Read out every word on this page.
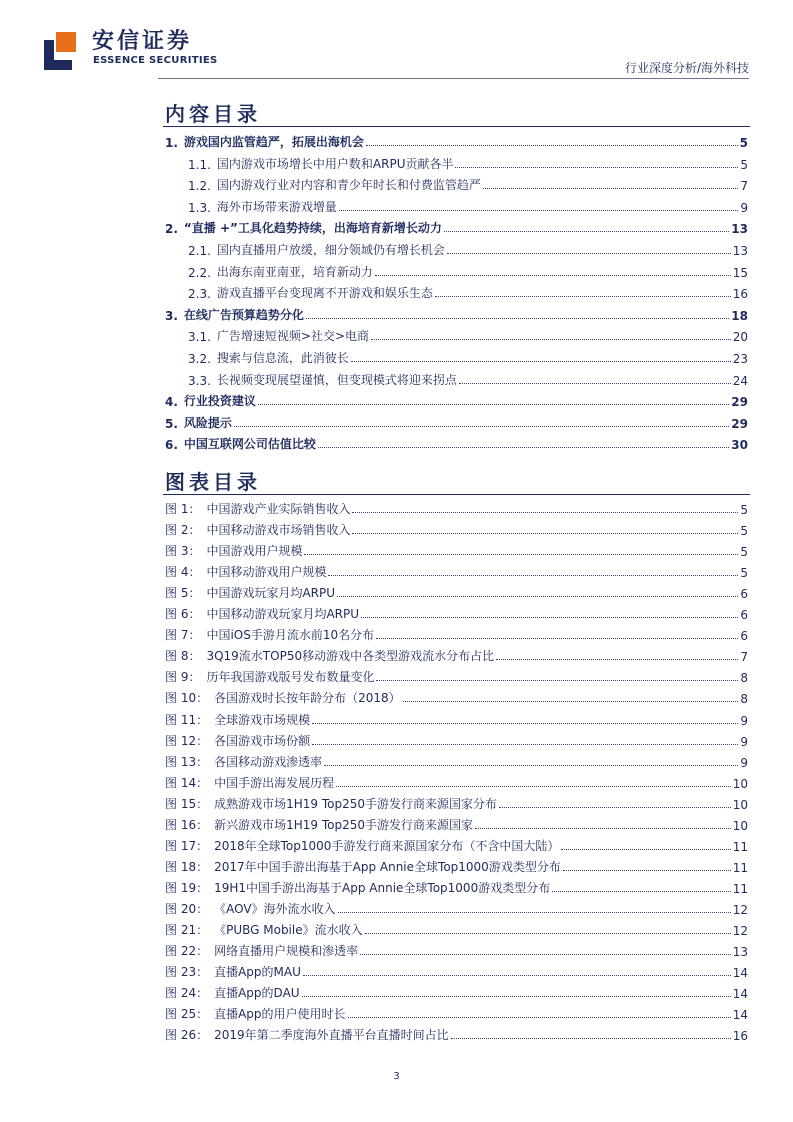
安信证券
ESSENCE SECURITIES
行业深度分析/海外科技
内容目录
1. 游戏国内监管趋严，拓展出海机会	5
1.1. 国内游戏市场增长中用户数和ARPU贡献各半	5
1.2. 国内游戏行业对内容和青少年时长和付费监管趋严	7
1.3. 海外市场带来游戏增量	9
2. “直播 +”工具化趋势持续，出海培育新增长动力	13
2.1. 国内直播用户放缓，细分领域仍有增长机会	13
2.2. 出海东南亚南亚，培育新动力	15
2.3. 游戏直播平台变现离不开游戏和娱乐生态	16
3. 在线广告预算趋势分化	18
3.1. 广告增速短视频>社交>电商	20
3.2. 搜索与信息流，此消彼长	23
3.3. 长视频变现展望谨慎，但变现模式将迎来拐点	24
4. 行业投资建议	29
5. 风险提示	29
6. 中国互联网公司估值比较	30
图表目录
图 1： 中国游戏产业实际销售收入	5
图 2： 中国移动游戏市场销售收入	5
图 3： 中国游戏用户规模	5
图 4： 中国移动游戏用户规模	5
图 5： 中国游戏玩家月均ARPU	6
图 6： 中国移动游戏玩家月均ARPU	6
图 7： 中国iOS手游月流水前10名分布	6
图 8： 3Q19流水TOP50移动游戏中各类型游戏流水分布占比	7
图 9： 历年我国游戏版号发布数量变化	8
图 10： 各国游戏时长按年龄分布（2018）	8
图 11： 全球游戏市场规模	9
图 12： 各国游戏市场份额	9
图 13： 各国移动游戏渗透率	9
图 14： 中国手游出海发展历程	10
图 15： 成熟游戏市场1H19 Top250手游发行商来源国家分布	10
图 16： 新兴游戏市场1H19 Top250手游发行商来源国家	10
图 17： 2018年全球Top1000手游发行商来源国家分布（不含中国大陆）	11
图 18： 2017年中国手游出海基于App Annie全球Top1000游戏类型分布	11
图 19： 19H1中国手游出海基于App Annie全球Top1000游戏类型分布	11
图 20： 《AOV》海外流水收入	12
图 21： 《PUBG Mobile》流水收入	12
图 22： 网络直播用户规模和渗透率	13
图 23： 直播App的MAU	14
图 24： 直播App的DAU	14
图 25： 直播App的用户使用时长	14
图 26： 2019年第二季度海外直播平台直播时间占比	16
3
